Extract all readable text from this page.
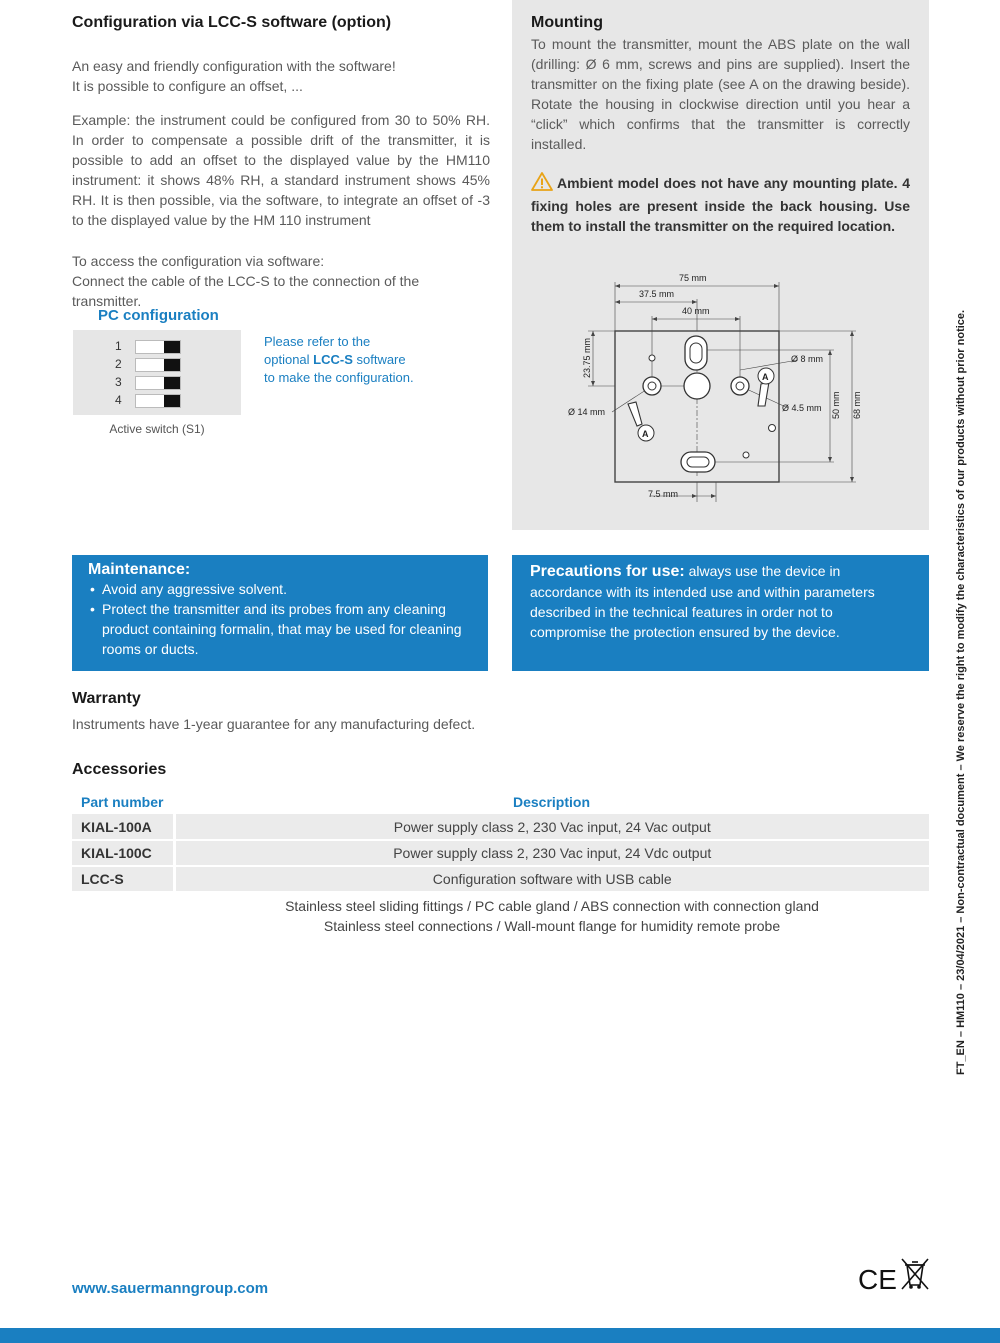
Configuration via LCC-S software (option)
An easy and friendly configuration with the software!
It is possible to configure an offset, ...
Example: the instrument could be configured from 30 to 50% RH. In order to compensate a possible drift of the transmitter, it is possible to add an offset to the displayed value by the HM110 instrument: it shows 48% RH, a standard instrument shows 45% RH. It is then possible, via the software, to integrate an offset of -3 to the displayed value by the HM 110 instrument
To access the configuration via software:
Connect the cable of the LCC-S to the connection of the transmitter.
PC configuration
1
2
3
4
Active switch (S1)
Please refer to the optional LCC-S software to make the configuration.
Mounting
To mount the transmitter, mount the ABS plate on the wall (drilling: Ø 6 mm, screws and pins are supplied). Insert the transmitter on the fixing plate (see A on the drawing beside). Rotate the housing in clockwise direction until you hear a “click” which confirms that the transmitter is correctly installed.
Ambient model does not have any mounting plate. 4 fixing holes are present inside the back housing. Use them to install the transmitter on the required location.
75 mm
37.5 mm
40 mm
23.75 mm	Ø 8 mm
Ø 14 mm	Ø 4.5 mm 50 mm 68 mm
7.5 mm
A
A
Maintenance:
• Avoid any aggressive solvent.
• Protect the transmitter and its probes from any cleaning product containing formalin, that may be used for cleaning rooms or ducts.
Precautions for use: always use the device in accordance with its intended use and within parameters described in the technical features in order not to compromise the protection ensured by the device.
Warranty
Instruments have 1-year guarantee for any manufacturing defect.
Accessories
Part number	Description
KIAL-100A	Power supply class 2, 230 Vac input, 24 Vac output
KIAL-100C	Power supply class 2, 230 Vac input, 24 Vdc output
LCC-S	Configuration software with USB cable
Stainless steel sliding fittings / PC cable gland / ABS connection with connection gland
Stainless steel connections / Wall-mount flange for humidity remote probe	FT_EN – HM110 – 23/04/2021 – Non-contractual document – We reserve the right to modify the characteristics of our products without prior notice.
www.sauermanngroup.com	CE
